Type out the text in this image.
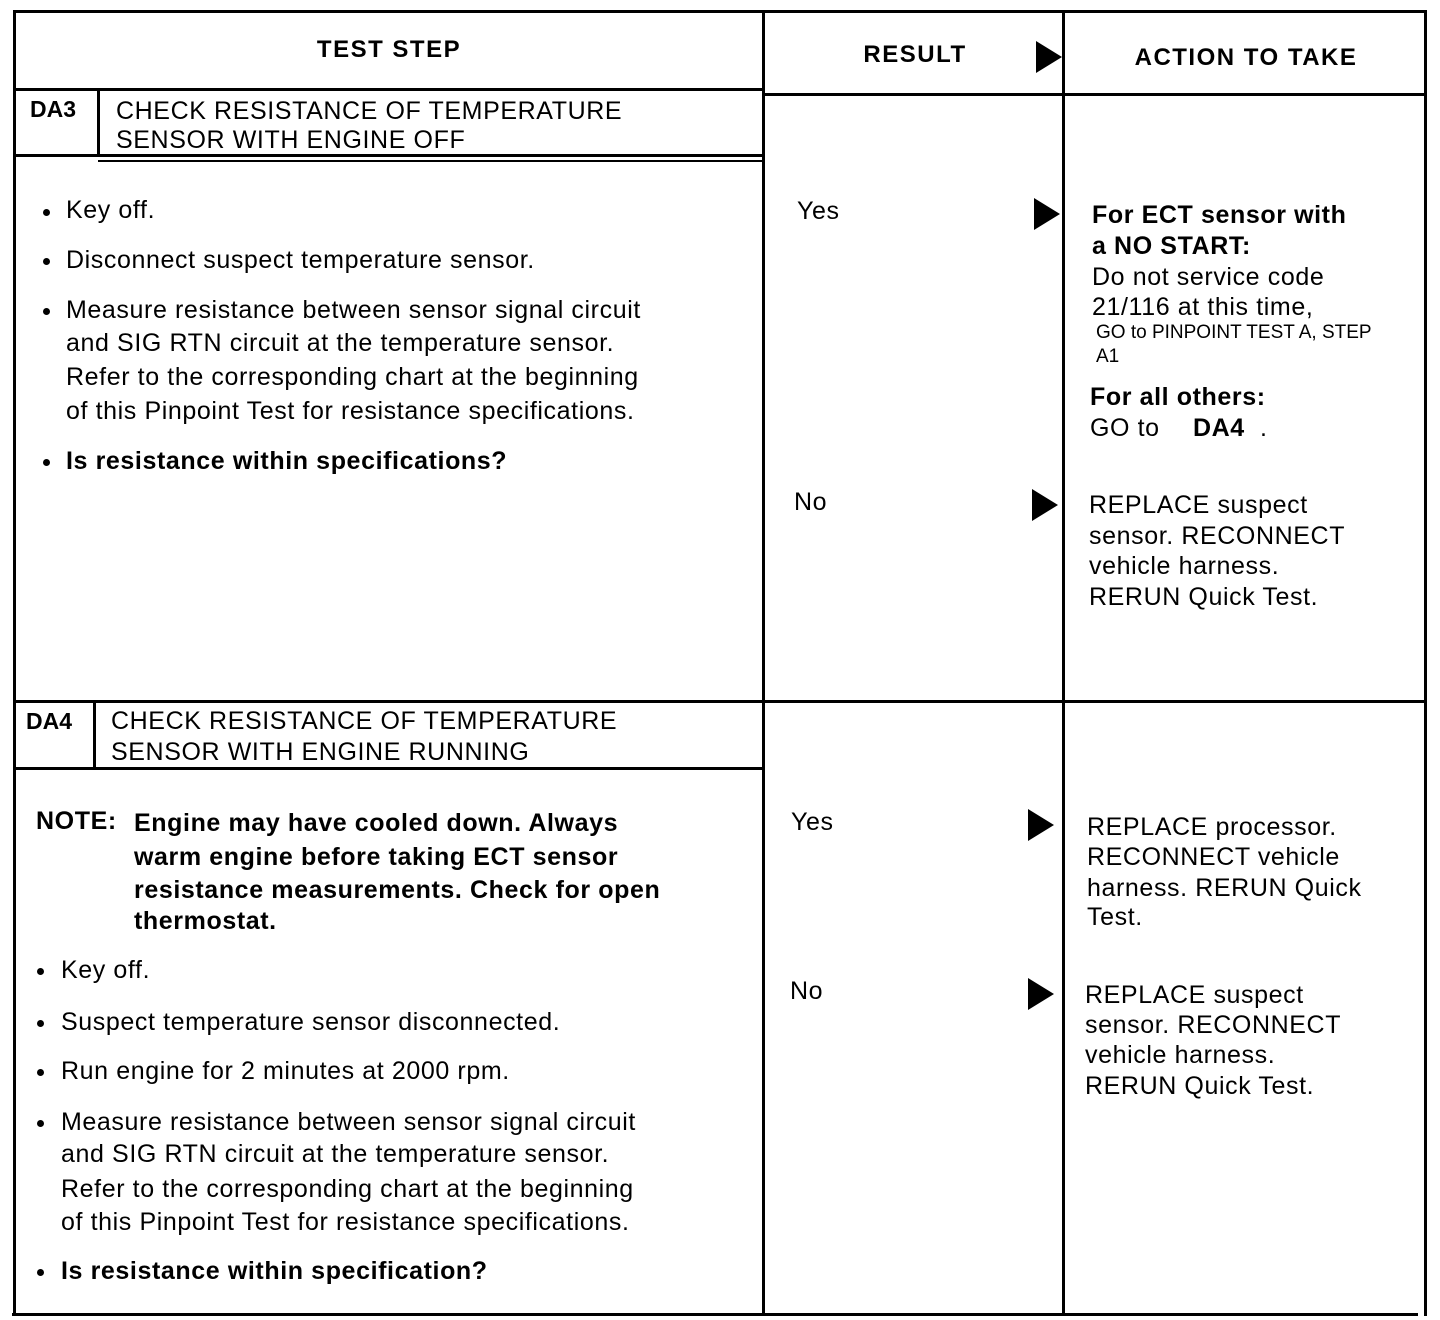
TEST STEP	RESULT	ACTION TO TAKE
DA3 CHECK RESISTANCE OF TEMPERATURE
SENSOR WITH ENGINE OFF
Key off.
Disconnect suspect temperature sensor.
Measure resistance between sensor signal circuit
and SIG RTN circuit at the temperature sensor.
Refer to the corresponding chart at the beginning
of this Pinpoint Test for resistance specifications.
Is resistance within specifications?
Yes
No
For ECT sensor with
a NO START:
Do not service code
21/116 at this time,
GO to PINPOINT TEST A, STEP
A1
For all others:
GO to DA4 .
REPLACE suspect
sensor. RECONNECT
vehicle harness.
RERUN Quick Test.
DA4 CHECK RESISTANCE OF TEMPERATURE
SENSOR WITH ENGINE RUNNING
NOTE: Engine may have cooled down. Always
warm engine before taking ECT sensor
resistance measurements. Check for open
thermostat.
Key off.
Suspect temperature sensor disconnected.
Run engine for 2 minutes at 2000 rpm.
Measure resistance between sensor signal circuit
and SIG RTN circuit at the temperature sensor.
Refer to the corresponding chart at the beginning
of this Pinpoint Test for resistance specifications.
Is resistance within specification?
Yes
No
REPLACE processor.
RECONNECT vehicle
harness. RERUN Quick
Test.
REPLACE suspect
sensor. RECONNECT
vehicle harness.
RERUN Quick Test.
